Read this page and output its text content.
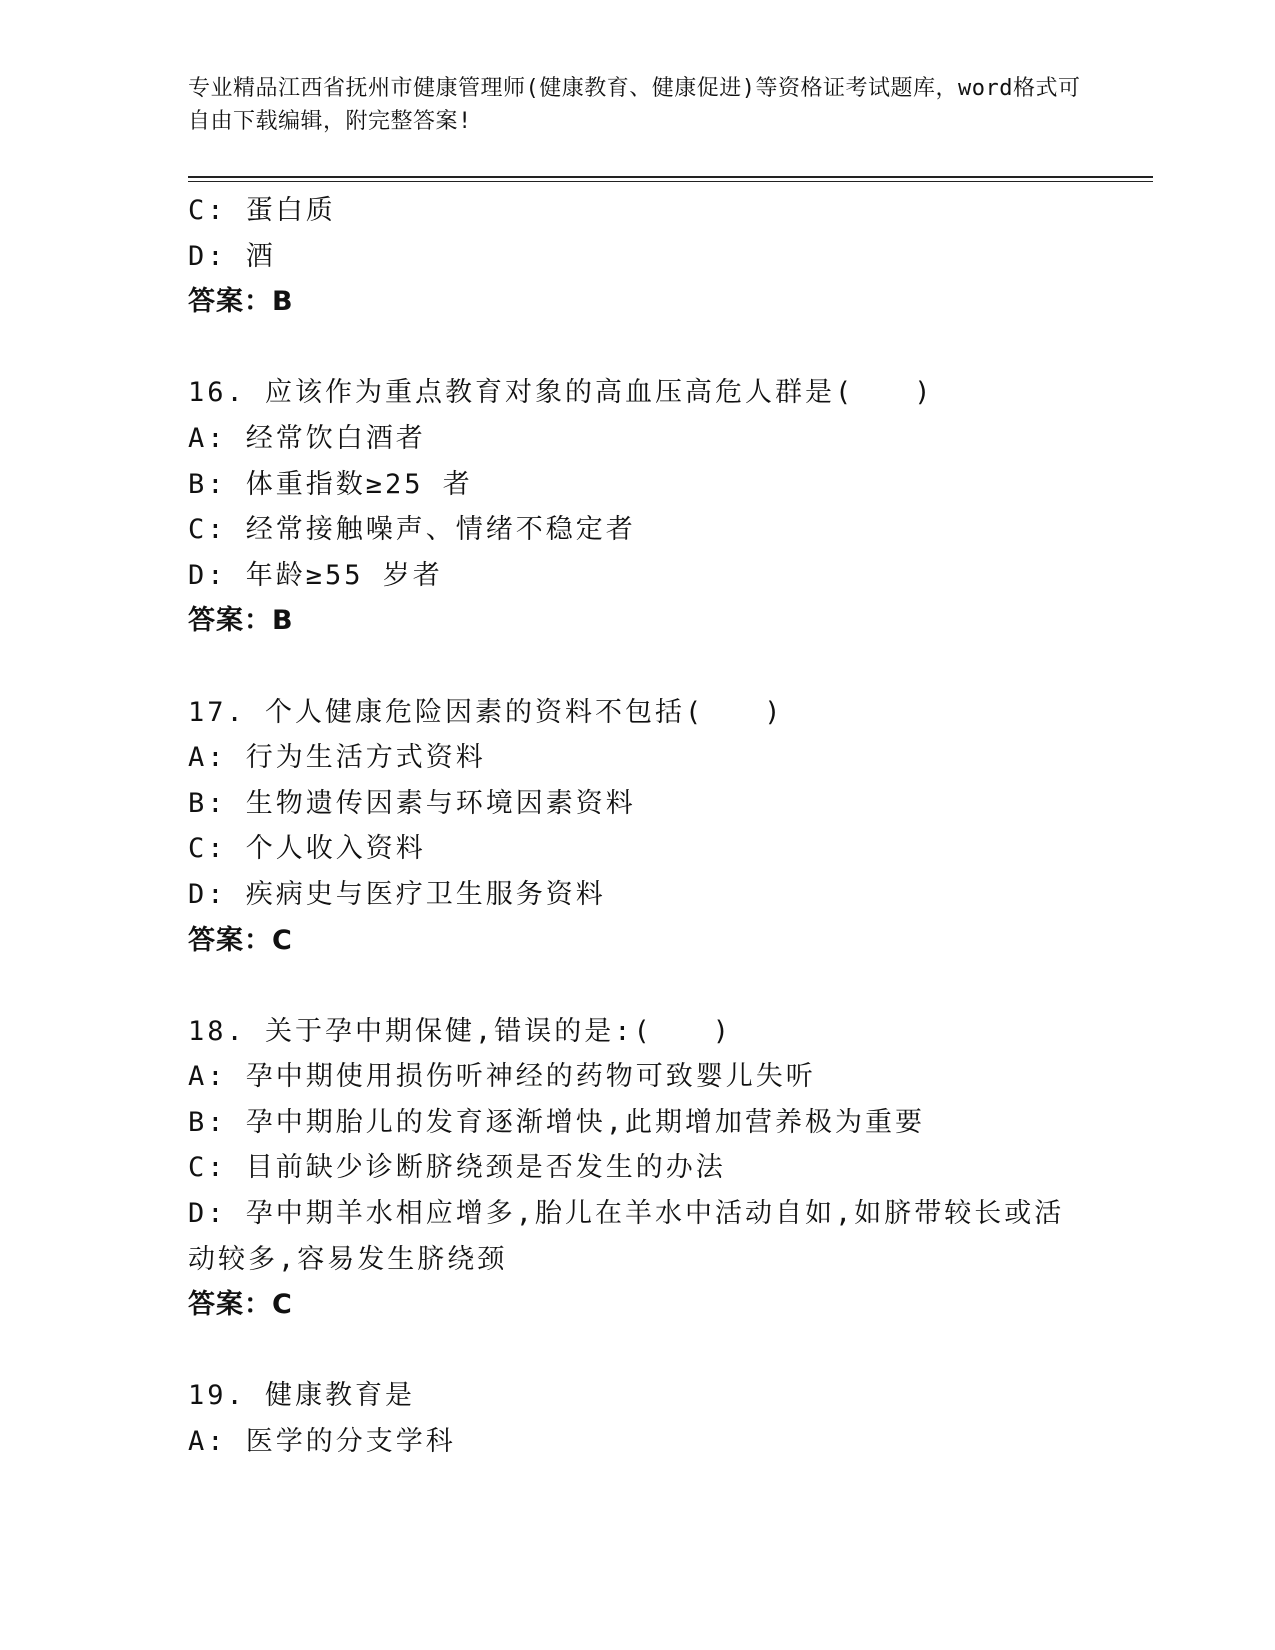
专业精品江西省抚州市健康管理师(健康教育、健康促进)等资格证考试题库，word格式可自由下载编辑，附完整答案!
C: 蛋白质
D: 酒
答案：B
16. 应该作为重点教育对象的高血压高危人群是(　　)
A: 经常饮白酒者
B: 体重指数≥25 者
C: 经常接触噪声、情绪不稳定者
D: 年龄≥55 岁者
答案：B
17. 个人健康危险因素的资料不包括(　　)
A: 行为生活方式资料
B: 生物遗传因素与环境因素资料
C: 个人收入资料
D: 疾病史与医疗卫生服务资料
答案：C
18. 关于孕中期保健,错误的是:(　　)
A: 孕中期使用损伤听神经的药物可致婴儿失听
B: 孕中期胎儿的发育逐渐增快,此期增加营养极为重要
C: 目前缺少诊断脐绕颈是否发生的办法
D: 孕中期羊水相应增多,胎儿在羊水中活动自如,如脐带较长或活动较多,容易发生脐绕颈
答案：C
19. 健康教育是
A: 医学的分支学科
